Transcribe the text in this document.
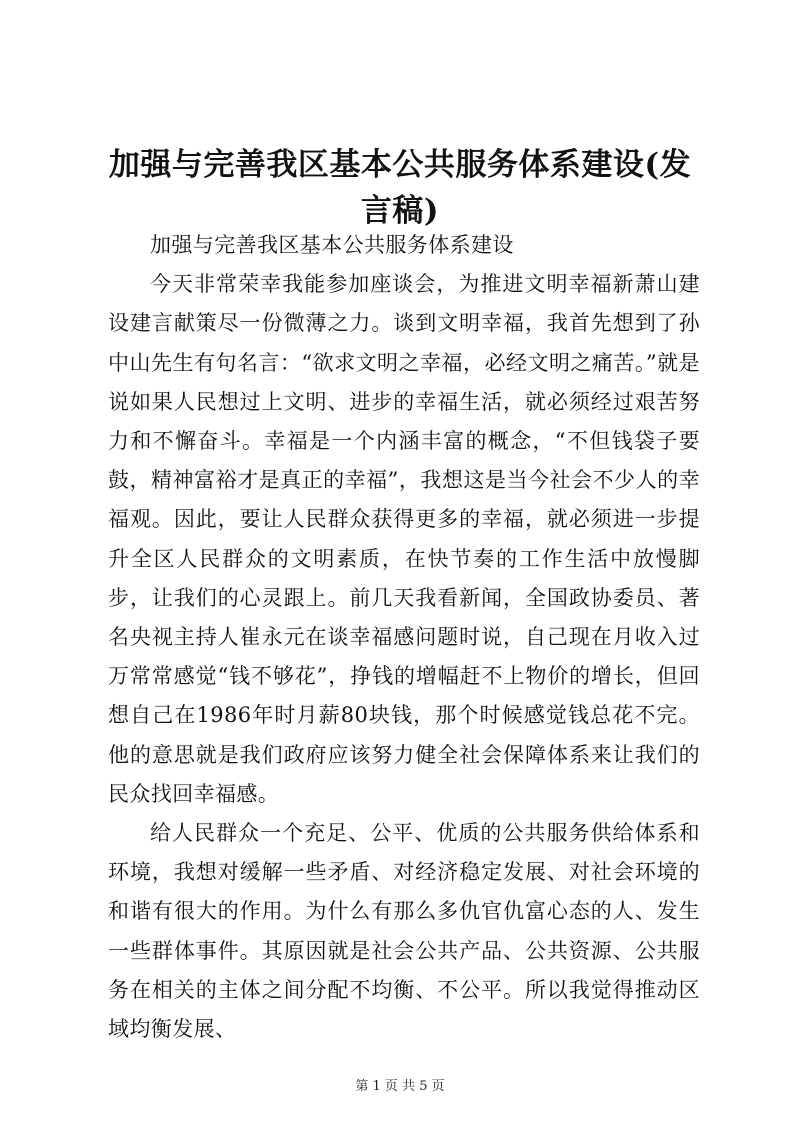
加强与完善我区基本公共服务体系建设(发言稿)

加强与完善我区基本公共服务体系建设

今天非常荣幸我能参加座谈会，为推进文明幸福新萧山建设建言献策尽一份微薄之力。谈到文明幸福，我首先想到了孙中山先生有句名言：“欲求文明之幸福，必经文明之痛苦。”就是说如果人民想过上文明、进步的幸福生活，就必须经过艰苦努力和不懈奋斗。幸福是一个内涵丰富的概念，“不但钱袋子要鼓，精神富裕才是真正的幸福”，我想这是当今社会不少人的幸福观。因此，要让人民群众获得更多的幸福，就必须进一步提升全区人民群众的文明素质，在快节奏的工作生活中放慢脚步，让我们的心灵跟上。前几天我看新闻，全国政协委员、著名央视主持人崔永元在谈幸福感问题时说，自己现在月收入过万常常感觉“钱不够花”，挣钱的增幅赶不上物价的增长，但回想自己在1986年时月薪80块钱，那个时候感觉钱总花不完。他的意思就是我们政府应该努力健全社会保障体系来让我们的民众找回幸福感。

给人民群众一个充足、公平、优质的公共服务供给体系和环境，我想对缓解一些矛盾、对经济稳定发展、对社会环境的和谐有很大的作用。为什么有那么多仇官仇富心态的人、发生一些群体事件。其原因就是社会公共产品、公共资源、公共服务在相关的主体之间分配不均衡、不公平。所以我觉得推动区域均衡发展、

第 1 页 共 5 页
